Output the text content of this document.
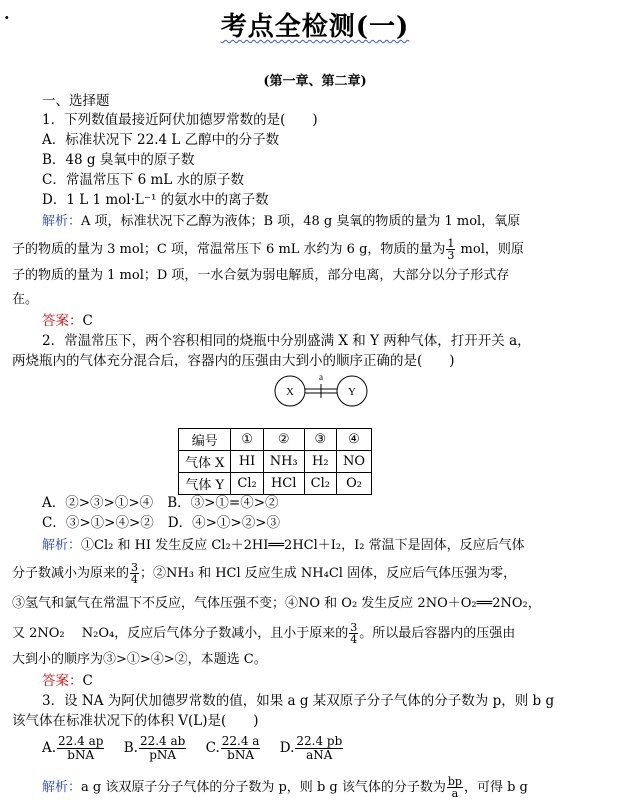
·	考点全检测(一)
(第一章、第二章)
一、选择题
1．下列数值最接近阿伏加德罗常数的是(　　)
A．标准状况下 22.4 L 乙醇中的分子数
B．48 g 臭氧中的原子数
C．常温常压下 6 mL 水的原子数
D．1 L 1 mol·L⁻¹ 的氨水中的离子数
解析：A 项，标准状况下乙醇为液体；B 项，48 g 臭氧的物质的量为 1 mol，氧原
子的物质的量为 3 mol；C 项，常温常压下 6 mL 水约为 6 g，物质的量为 $\frac{1}{3}$ mol，则原
子的物质的量为 1 mol；D 项，一水合氨为弱电解质，部分电离，大部分以分子形式存
在。
答案：C
2．常温常压下，两个容积相同的烧瓶中分别盛满 X 和 Y 两种气体，打开开关 a，
两烧瓶内的气体充分混合后，容器内的压强由大到小的顺序正确的是(　　)
X	Y
a
编号	①	②	③	④
气体 X	HI	NH₃	H₂	NO
气体 Y	Cl₂	HCl	Cl₂	O₂
A．②>③>①>④ B．③>①=④>②
C．③>①>④>② D．④>①>②>③
解析：①Cl₂ 和 HI 发生反应 Cl₂＋2HI══2HCl＋I₂，I₂ 常温下是固体，反应后气体
分子数减小为原来的 $\frac{3}{4}$ ；②NH₃ 和 HCl 反应生成 NH₄Cl 固体，反应后气体压强为零，
③氢气和氯气在常温下不反应，气体压强不变；④NO 和 O₂ 发生反应 2NO＋O₂══2NO₂，
又 2NO₂　 N₂O₄，反应后气体分子数减小，且小于原来的 $\frac{3}{4}$ 。所以最后容器内的压强由
大到小的顺序为③>①>④>②，本题选 C。
答案：C
3．设 NA 为阿伏加德罗常数的值，如果 a g 某双原子分子气体的分子数为 p，则 b g
该气体在标准状况下的体积 V(L)是(　　)
A. $\frac{22.4 ap}{\text{bNA}} B$. $\frac{22.4 ab}{\text{pNA}} C$. $\frac{22.4 a}{\text{bNA}} D$. $\frac{22.4 pb}{\text{aNA}}$
解析：a g 该双原子分子气体的分子数为 p，则 b g 该气体的分子数为 $\frac{bp}{a}$ ，可得 b g
